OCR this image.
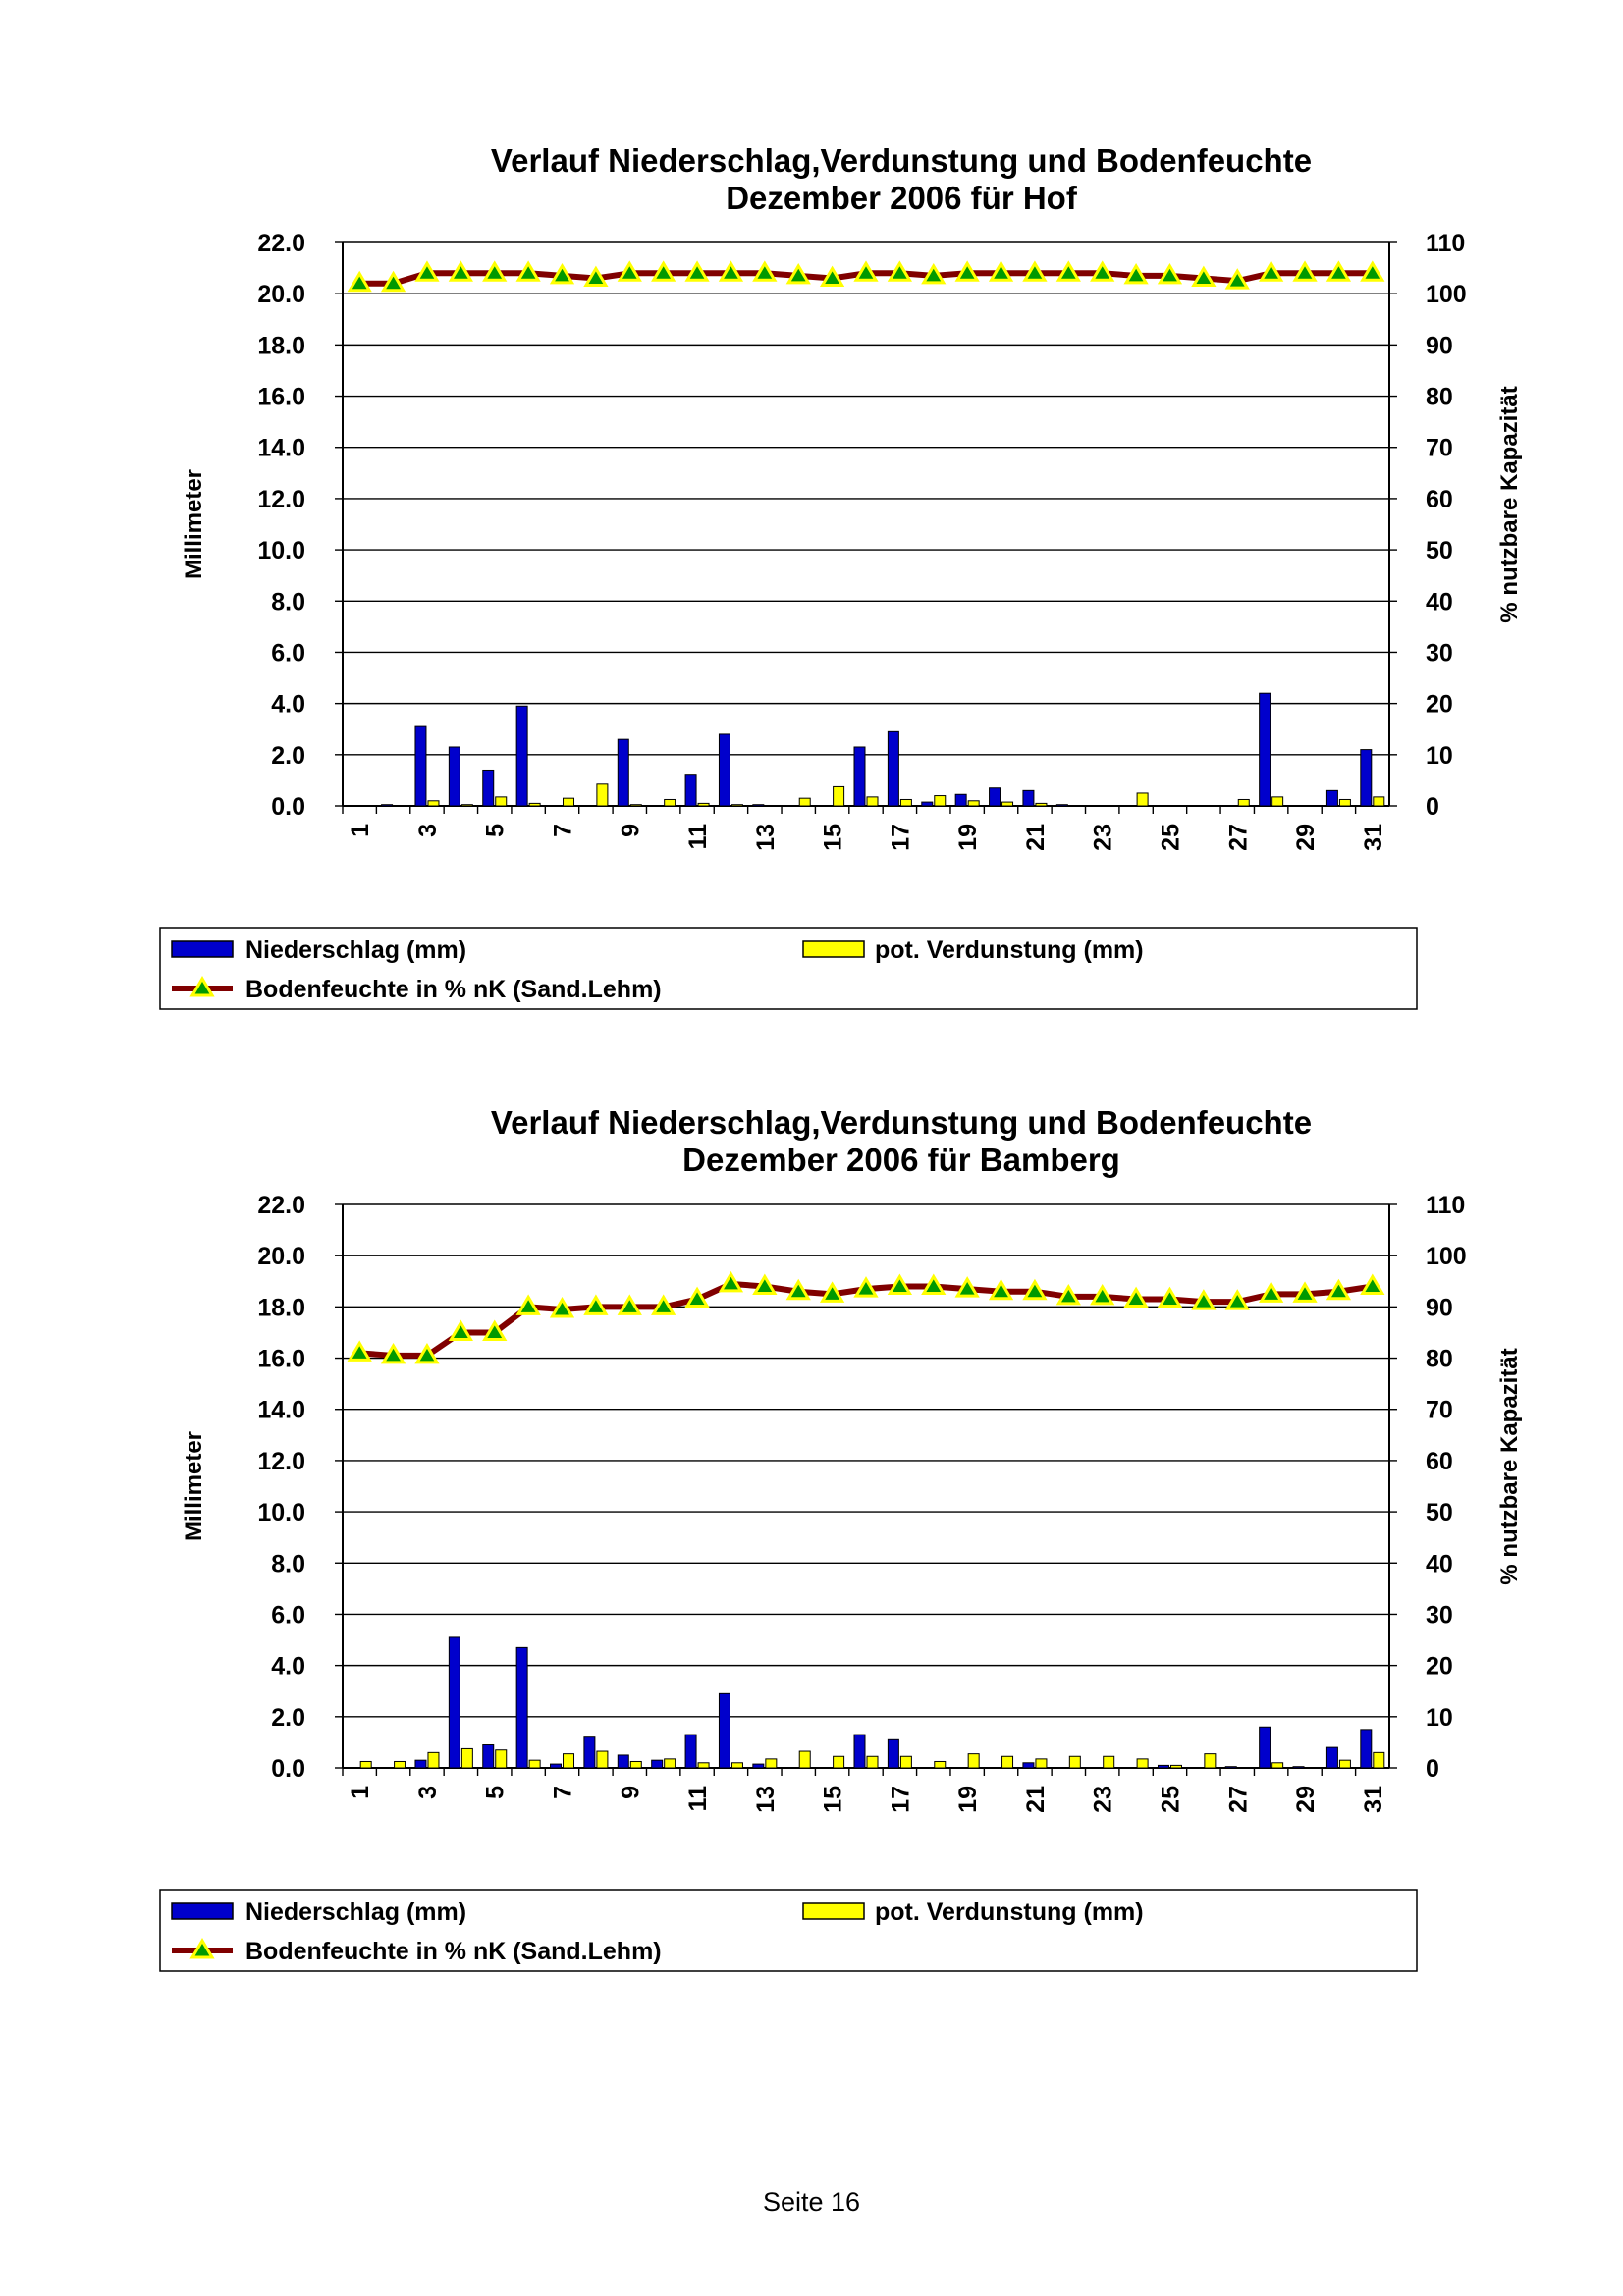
Verlauf Niederschlag,Verdunstung und Bodenfeuchte
Dezember 2006 für Hof
0.0	0
2.0	10
4.0	20
6.0	30
8.0	40
10.0	50
12.0	60
14.0	70
16.0	80
18.0	90
20.0	100
22.0	110
Millimeter	% nutzbare Kapazität
1 3 5 7 9 11 13 15 17 19 21 23 25 27 29 31
Niederschlag (mm)	pot. Verdunstung (mm)
Bodenfeuchte in % nK (Sand.Lehm)
Verlauf Niederschlag,Verdunstung und Bodenfeuchte
Dezember 2006 für Bamberg
0.0	0
2.0	10
4.0	20
6.0	30
8.0	40
10.0	50
12.0	60
14.0	70
16.0	80
18.0	90
20.0	100
22.0	110
Millimeter	% nutzbare Kapazität
1 3 5 7 9 11 13 15 17 19 21 23 25 27 29 31
Niederschlag (mm)	pot. Verdunstung (mm)
Bodenfeuchte in % nK (Sand.Lehm)
Seite 16
